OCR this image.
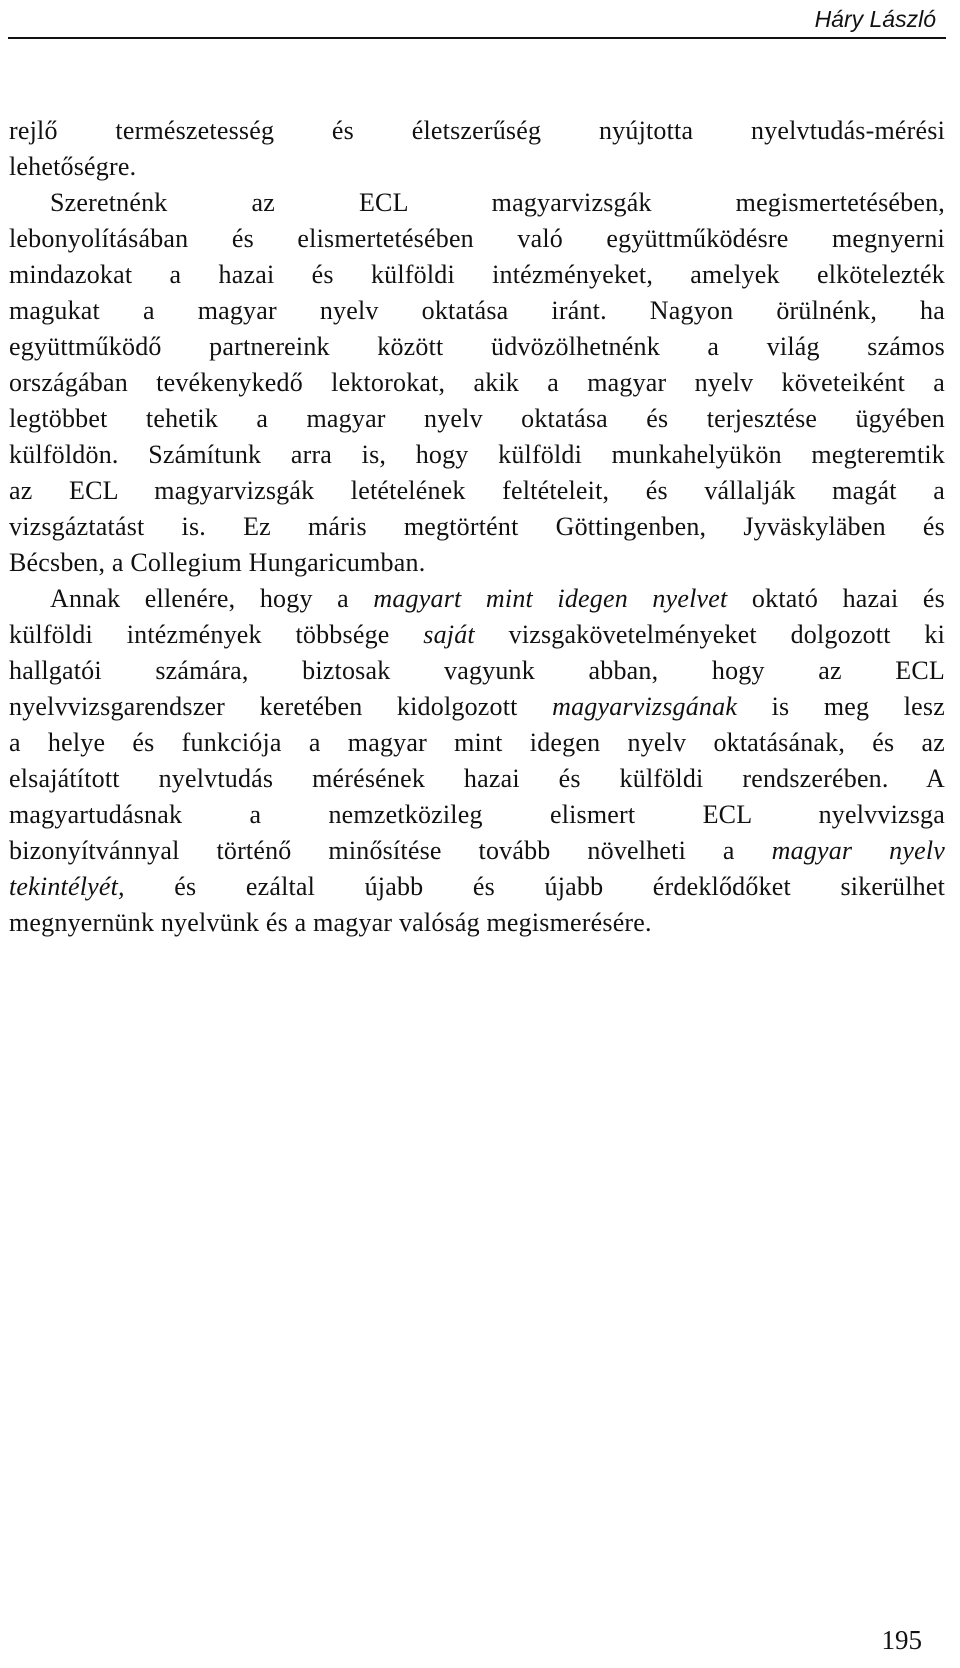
Háry László
rejlő természetesség és életszerűség nyújtotta nyelvtudás-mérési
lehetőségre.
Szeretnénk az ECL magyarvizsgák megismertetésében,
lebonyolításában és elismertetésében való együttműködésre megnyerni
mindazokat a hazai és külföldi intézményeket, amelyek elkötelezték
magukat a magyar nyelv oktatása iránt. Nagyon örülnénk, ha
együttműködő partnereink között üdvözölhetnénk a világ számos
országában tevékenykedő lektorokat, akik a magyar nyelv követeiként a
legtöbbet tehetik a magyar nyelv oktatása és terjesztése ügyében
külföldön. Számítunk arra is, hogy külföldi munkahelyükön megteremtik
az ECL magyarvizsgák letételének feltételeit, és vállalják magát a
vizsgáztatást is. Ez máris megtörtént Göttingenben, Jyväskyläben és
Bécsben, a Collegium Hungaricumban.
Annak ellenére, hogy a magyart mint idegen nyelvet oktató hazai és
külföldi intézmények többsége saját vizsgakövetelményeket dolgozott ki
hallgatói számára, biztosak vagyunk abban, hogy az ECL
nyelvvizsgarendszer keretében kidolgozott magyarvizsgának is meg lesz
a helye és funkciója a magyar mint idegen nyelv oktatásának, és az
elsajátított nyelvtudás mérésének hazai és külföldi rendszerében. A
magyartudásnak a nemzetközileg elismert ECL nyelvvizsga
bizonyítvánnyal történő minősítése tovább növelheti a magyar nyelv
tekintélyét, és ezáltal újabb és újabb érdeklődőket sikerülhet
megnyernünk nyelvünk és a magyar valóság megismerésére.
195
